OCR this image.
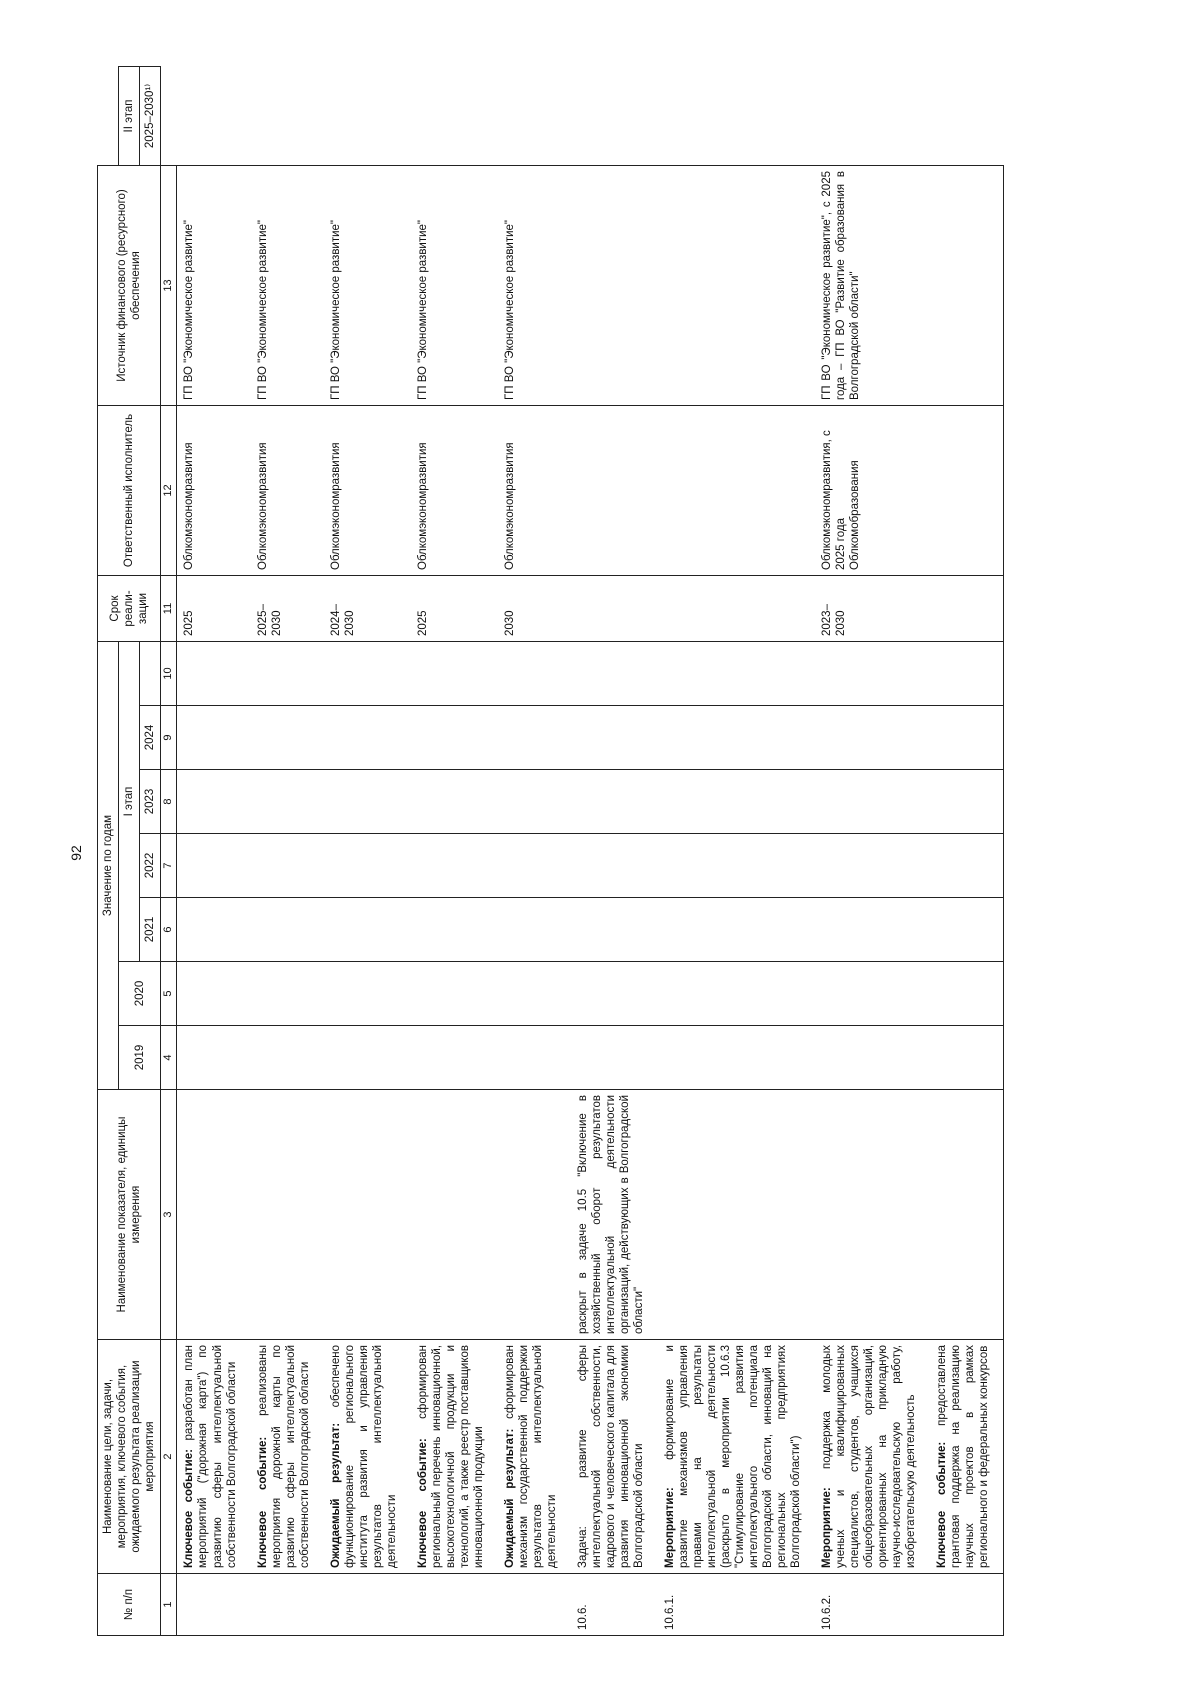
92
№ п/п	Наименование цели, задачи, мероприятия, ключевого события, ожидаемого результата реализации мероприятия	Наименование показателя, единицы измерения	Значение по годам							Срок реали-зации	Ответственный исполнитель	Источник финансового (ресурсного) обеспечения	
			2019	2020	I этап								II этап
					2021	2022	2023	2024					2025–2030¹⁾
1	2	3	4	5	6	7	8	9	10	11	12	13	
	Ключевое событие: разработан план мероприятий ("дорожная карта") по развитию сферы интеллектуальной собственности Волгоградской области									2025	Облкомэкономразвития	ГП ВО "Экономическое развитие"	
	Ключевое событие: реализованы мероприятия дорожной карты по развитию сферы интеллектуальной собственности Волгоградской области									2025–2030	Облкомэкономразвития	ГП ВО "Экономическое развитие"	
	Ожидаемый результат: обеспечено функционирование регионального института развития и управления результатов интеллектуальной деятельности									2024–2030	Облкомэкономразвития	ГП ВО "Экономическое развитие"	
	Ключевое событие: сформирован региональный перечень инновационной, высокотехнологичной продукции и технологий, а также реестр поставщиков инновационной продукции									2025	Облкомэкономразвития	ГП ВО "Экономическое развитие"	
	Ожидаемый результат: сформирован механизм государственной поддержки результатов интеллектуальной деятельности									2030	Облкомэкономразвития	ГП ВО "Экономическое развитие"	
10.6.	Задача: развитие сферы интеллектуальной собственности, кадрового и человеческого капитала для развития инновационной экономики Волгоградской области	раскрыт в задаче 10.5 "Включение в хозяйственный оборот результатов интеллектуальной деятельности организаций, действующих в Волгоградской области"											
10.6.1.	Мероприятие: формирование и развитие механизмов управления правами на результаты интеллектуальной деятельности (раскрыто в мероприятии 10.6.3 "Стимулирование развития интеллектуального потенциала Волгоградской области, инноваций на региональных предприятиях Волгоградской области")												
10.6.2.	Мероприятие: поддержка молодых ученых и квалифицированных специалистов, студентов, учащихся общеобразовательных организаций, ориентированных на прикладную научно-исследовательскую работу, изобретательскую деятельность									2023–2030	Облкомэкономразвития, с 2025 года Облкомобразования	ГП ВО "Экономическое развитие", с 2025 года – ГП ВО "Развитие образования в Волгоградской области"	
	Ключевое событие: предоставлена грантовая поддержка на реализацию научных проектов в рамках регионального и федеральных конкурсов												
